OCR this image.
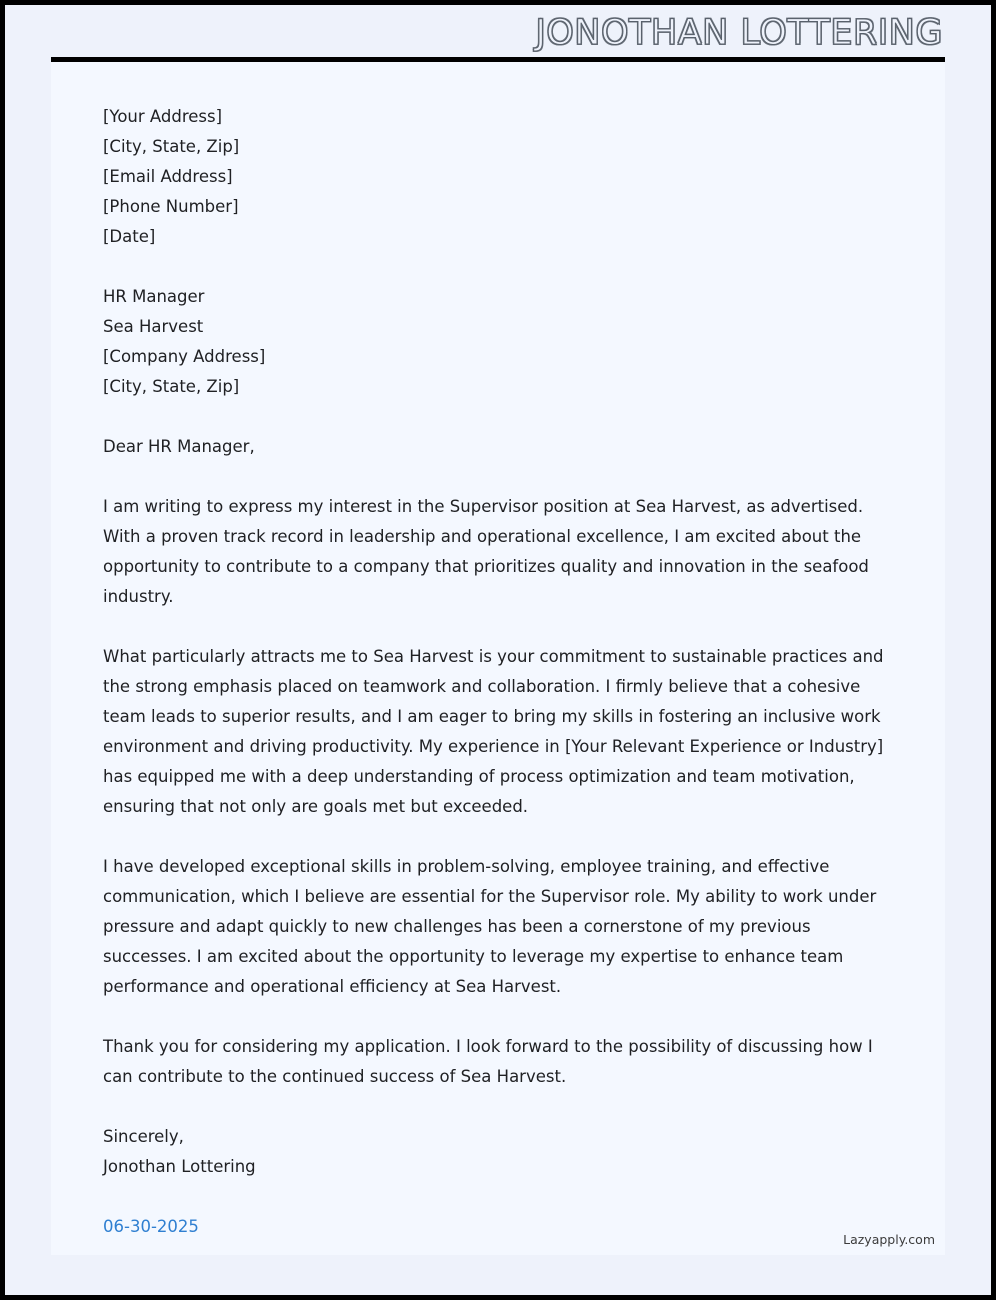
JONOTHAN LOTTERING
[Your Address]
[City, State, Zip]
[Email Address]
[Phone Number]
[Date]
HR Manager
Sea Harvest
[Company Address]
[City, State, Zip]
Dear HR Manager,
I am writing to express my interest in the Supervisor position at Sea Harvest, as advertised. With a proven track record in leadership and operational excellence, I am excited about the opportunity to contribute to a company that prioritizes quality and innovation in the seafood industry.
What particularly attracts me to Sea Harvest is your commitment to sustainable practices and the strong emphasis placed on teamwork and collaboration. I firmly believe that a cohesive team leads to superior results, and I am eager to bring my skills in fostering an inclusive work environment and driving productivity. My experience in [Your Relevant Experience or Industry] has equipped me with a deep understanding of process optimization and team motivation, ensuring that not only are goals met but exceeded.
I have developed exceptional skills in problem-solving, employee training, and effective communication, which I believe are essential for the Supervisor role. My ability to work under pressure and adapt quickly to new challenges has been a cornerstone of my previous successes. I am excited about the opportunity to leverage my expertise to enhance team performance and operational efficiency at Sea Harvest.
Thank you for considering my application. I look forward to the possibility of discussing how I can contribute to the continued success of Sea Harvest.
Sincerely,
Jonothan Lottering
06-30-2025
Lazyapply.com
